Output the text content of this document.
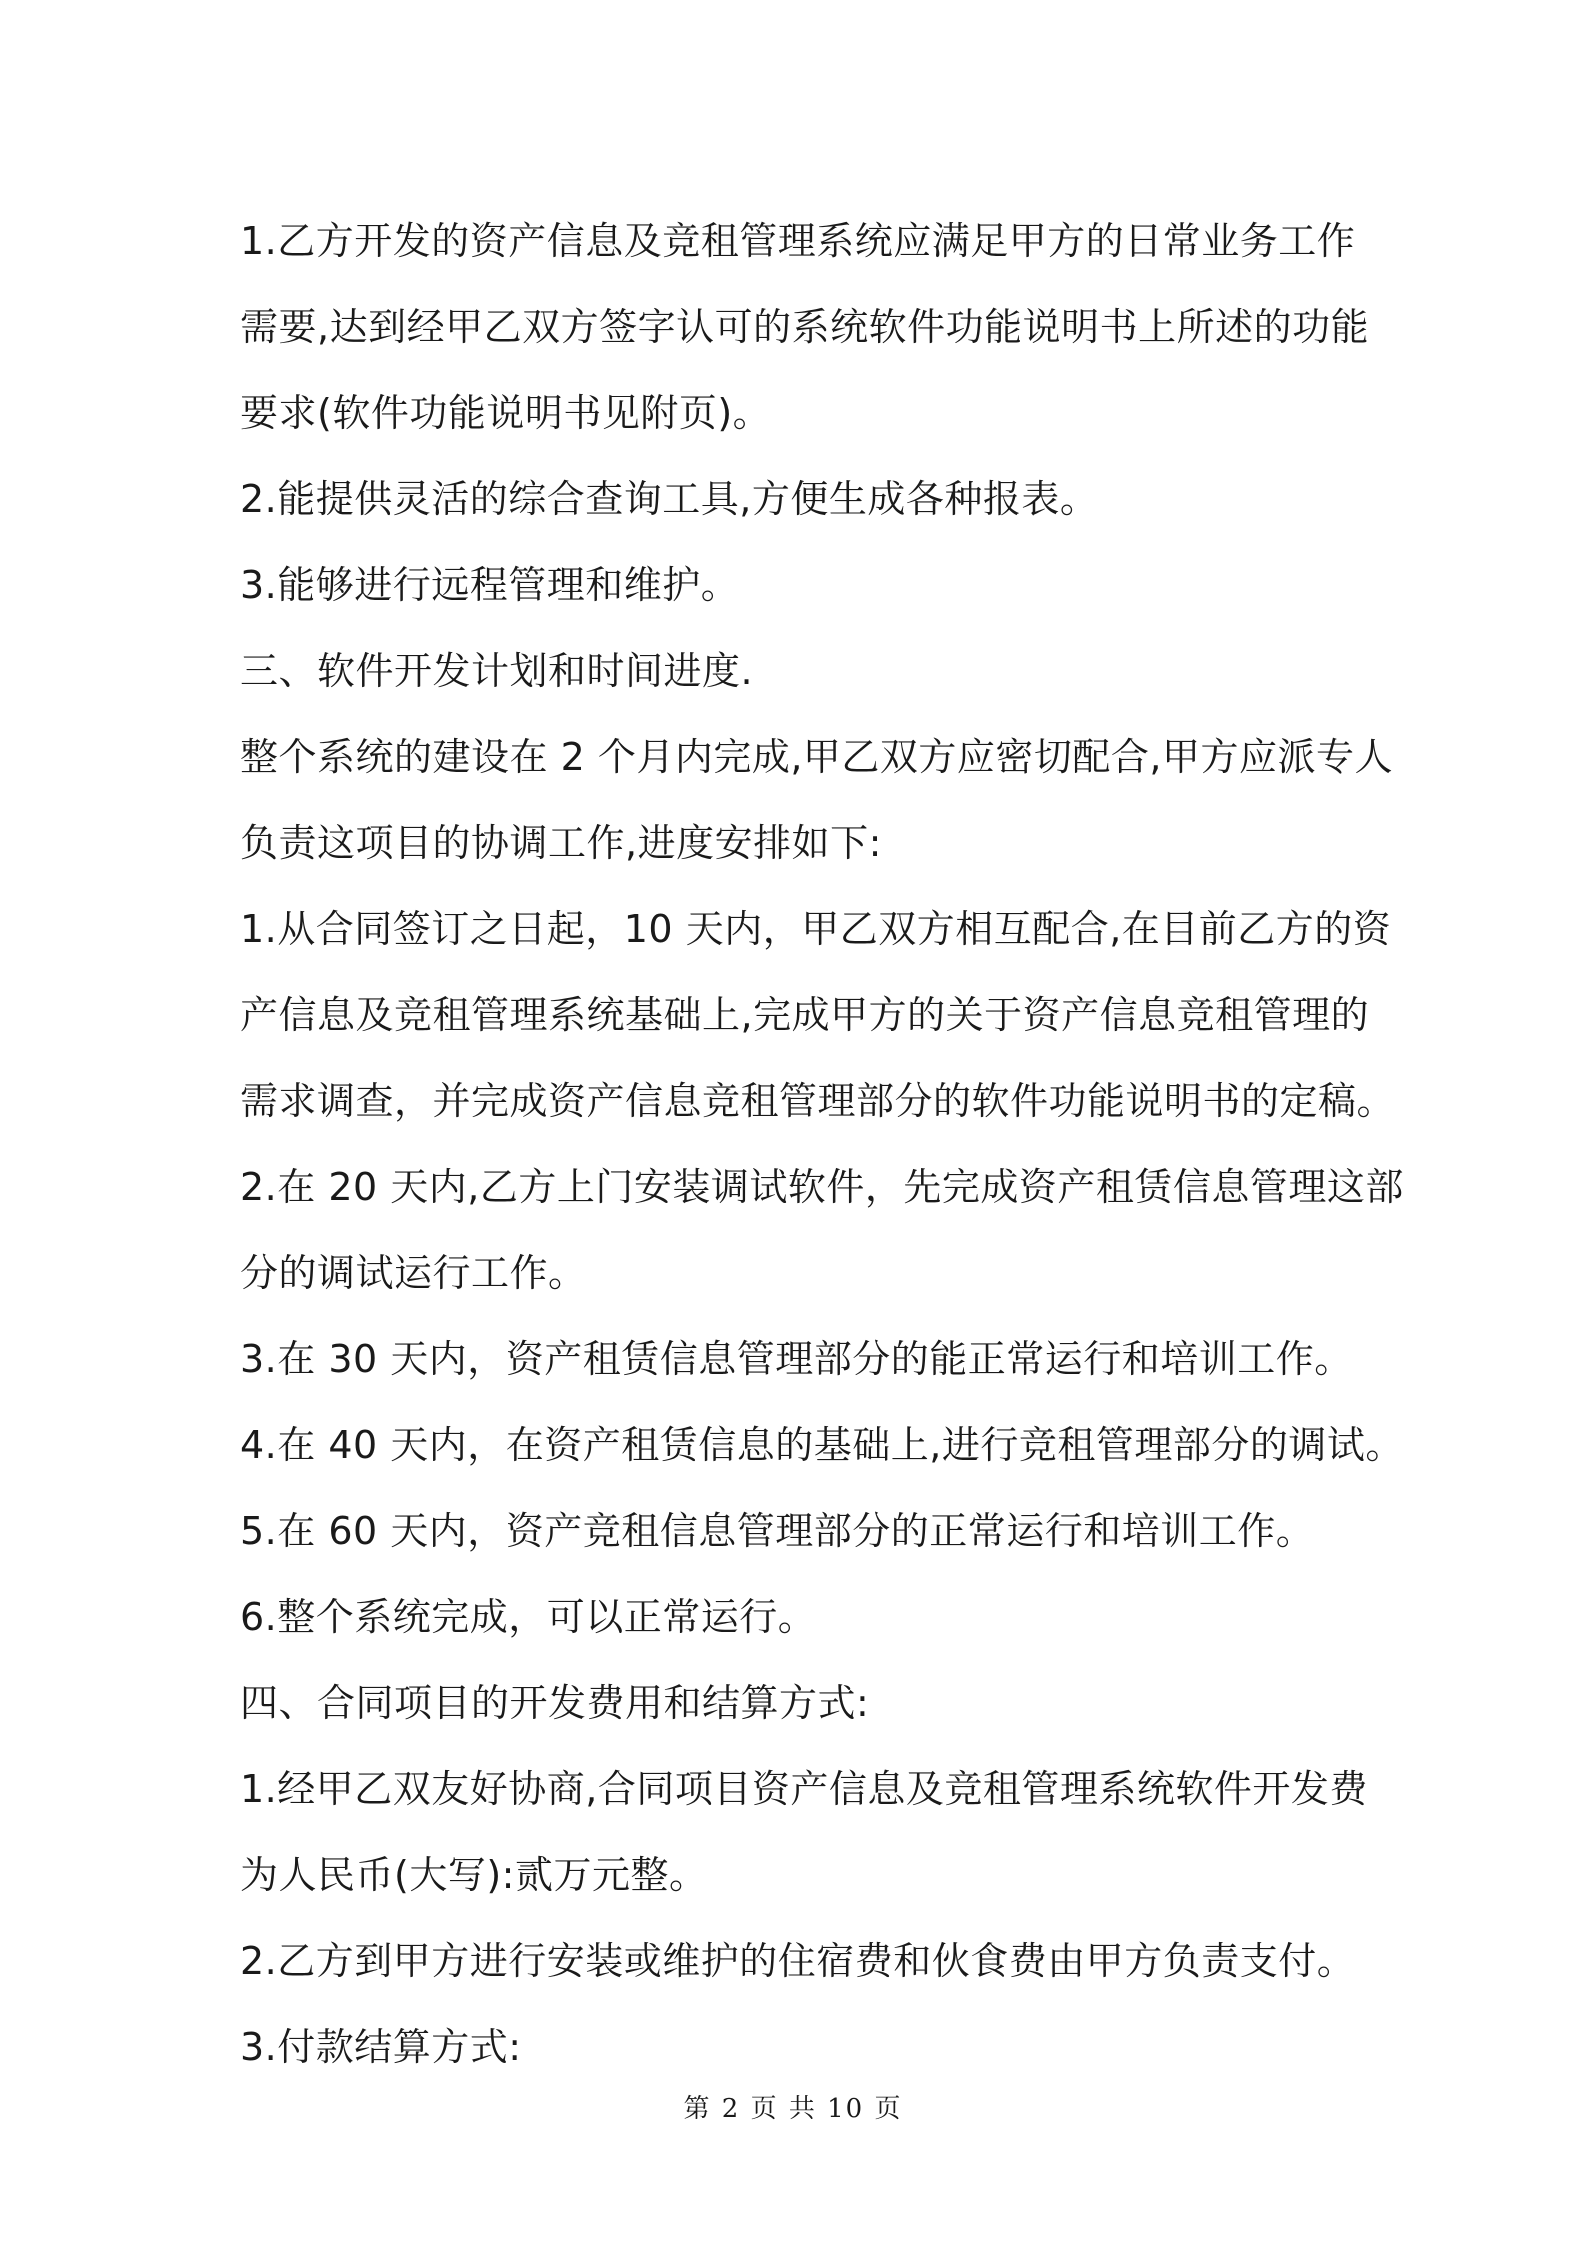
1.乙方开发的资产信息及竞租管理系统应满足甲方的日常业务工作
需要,达到经甲乙双方签字认可的系统软件功能说明书上所述的功能
要求(软件功能说明书见附页)。
2.能提供灵活的综合查询工具,方便生成各种报表。
3.能够进行远程管理和维护。
三、软件开发计划和时间进度.
整个系统的建设在 2 个月内完成,甲乙双方应密切配合,甲方应派专人
负责这项目的协调工作,进度安排如下:
1.从合同签订之日起，10 天内，甲乙双方相互配合,在目前乙方的资
产信息及竞租管理系统基础上,完成甲方的关于资产信息竞租管理的
需求调查，并完成资产信息竞租管理部分的软件功能说明书的定稿。
2.在 20 天内,乙方上门安装调试软件，先完成资产租赁信息管理这部
分的调试运行工作。
3.在 30 天内，资产租赁信息管理部分的能正常运行和培训工作。
4.在 40 天内，在资产租赁信息的基础上,进行竞租管理部分的调试。
5.在 60 天内，资产竞租信息管理部分的正常运行和培训工作。
6.整个系统完成，可以正常运行。
四、合同项目的开发费用和结算方式:
1.经甲乙双友好协商,合同项目资产信息及竞租管理系统软件开发费
为人民币(大写):贰万元整。
2.乙方到甲方进行安装或维护的住宿费和伙食费由甲方负责支付。
3.付款结算方式:
第 2 页 共 10 页
